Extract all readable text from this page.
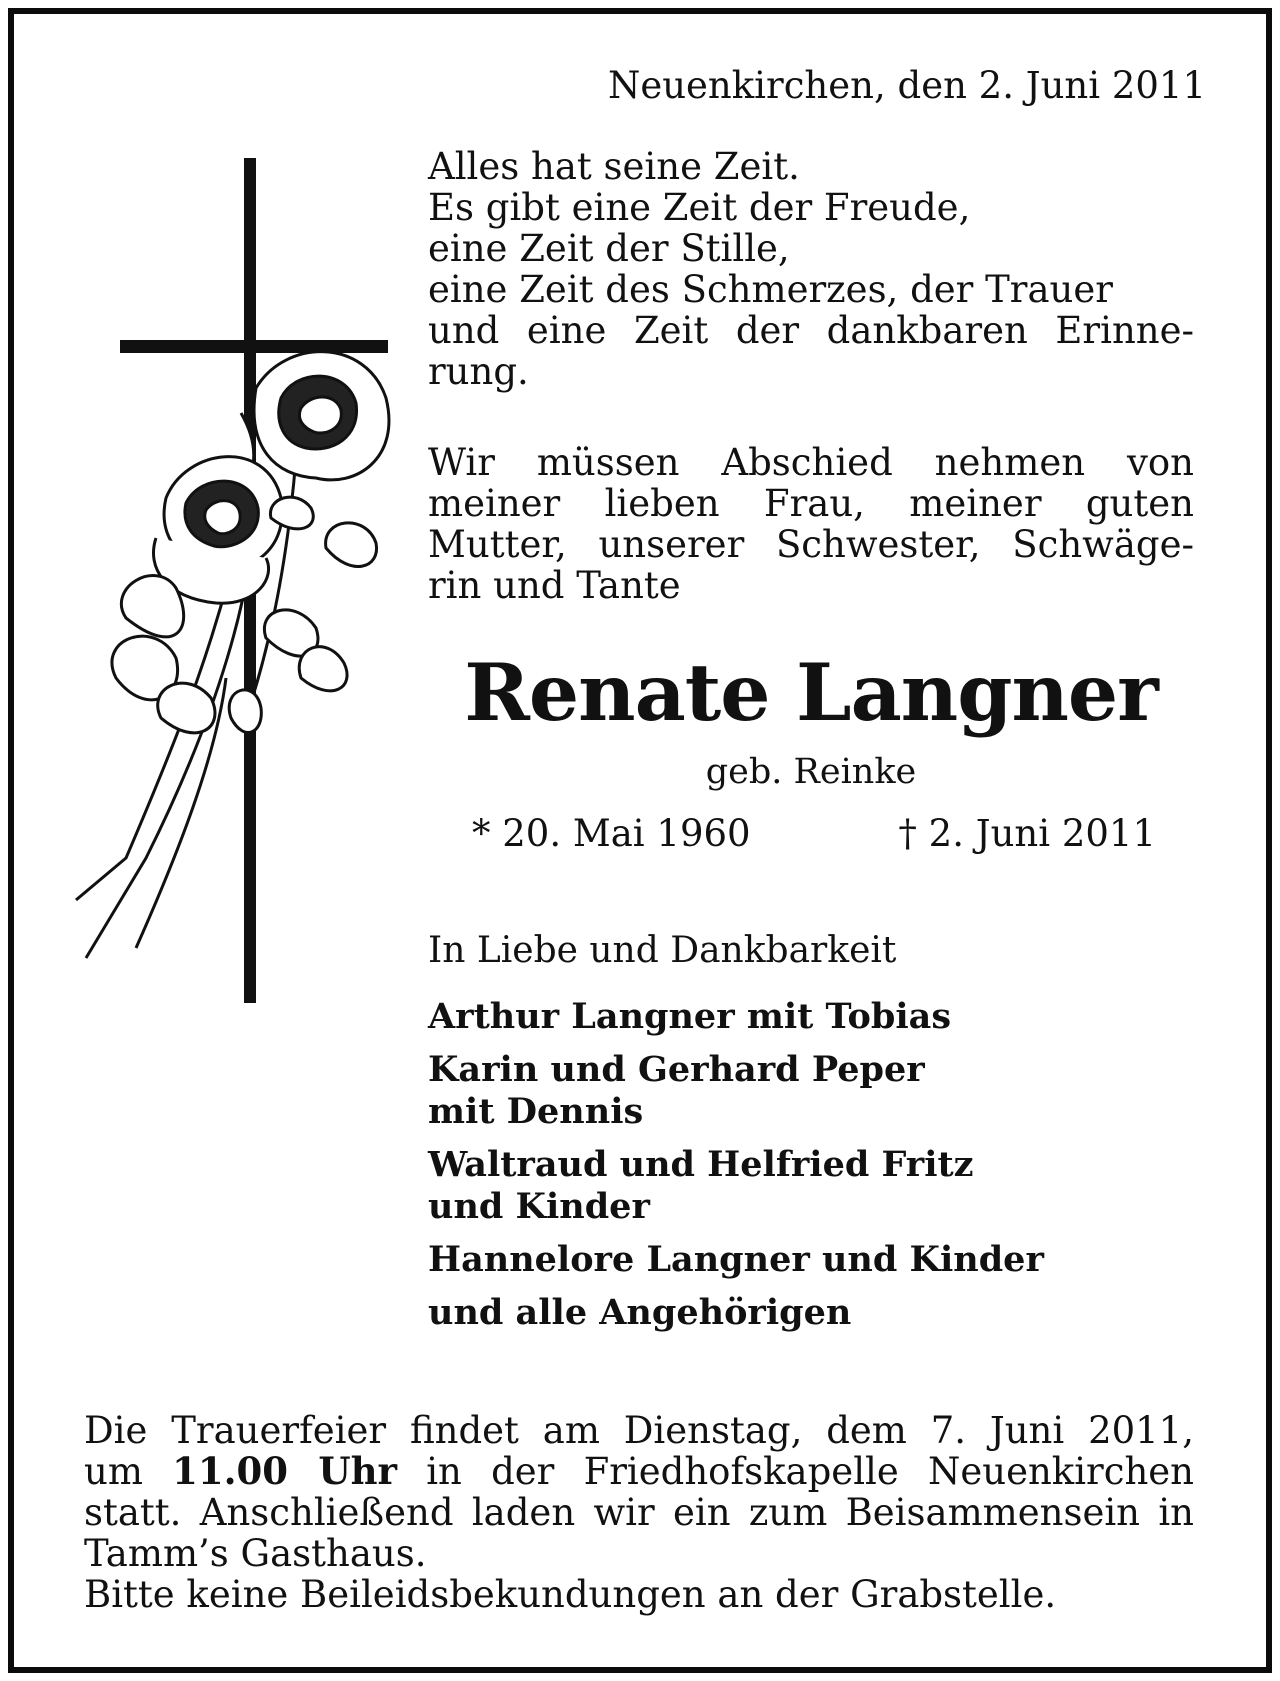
Neuenkirchen, den 2. Juni 2011
Alles hat seine Zeit.
Es gibt eine Zeit der Freude,
eine Zeit der Stille,
eine Zeit des Schmerzes, der Trauer
und eine Zeit der dankbaren Erinne-
rung.
Wir müssen Abschied nehmen von
meiner lieben Frau, meiner guten
Mutter, unserer Schwester, Schwäge-
rin und Tante
Renate Langner
geb. Reinke
* 20. Mai 1960	† 2. Juni 2011
In Liebe und Dankbarkeit
Arthur Langner mit Tobias
Karin und Gerhard Peper
mit Dennis
Waltraud und Helfried Fritz
und Kinder
Hannelore Langner und Kinder
und alle Angehörigen
Die Trauerfeier findet am Dienstag, dem 7. Juni 2011,
um 11.00 Uhr in der Friedhofskapelle Neuenkirchen
statt. Anschließend laden wir ein zum Beisammensein in
Tamm’s Gasthaus.
Bitte keine Beileidsbekundungen an der Grabstelle.
